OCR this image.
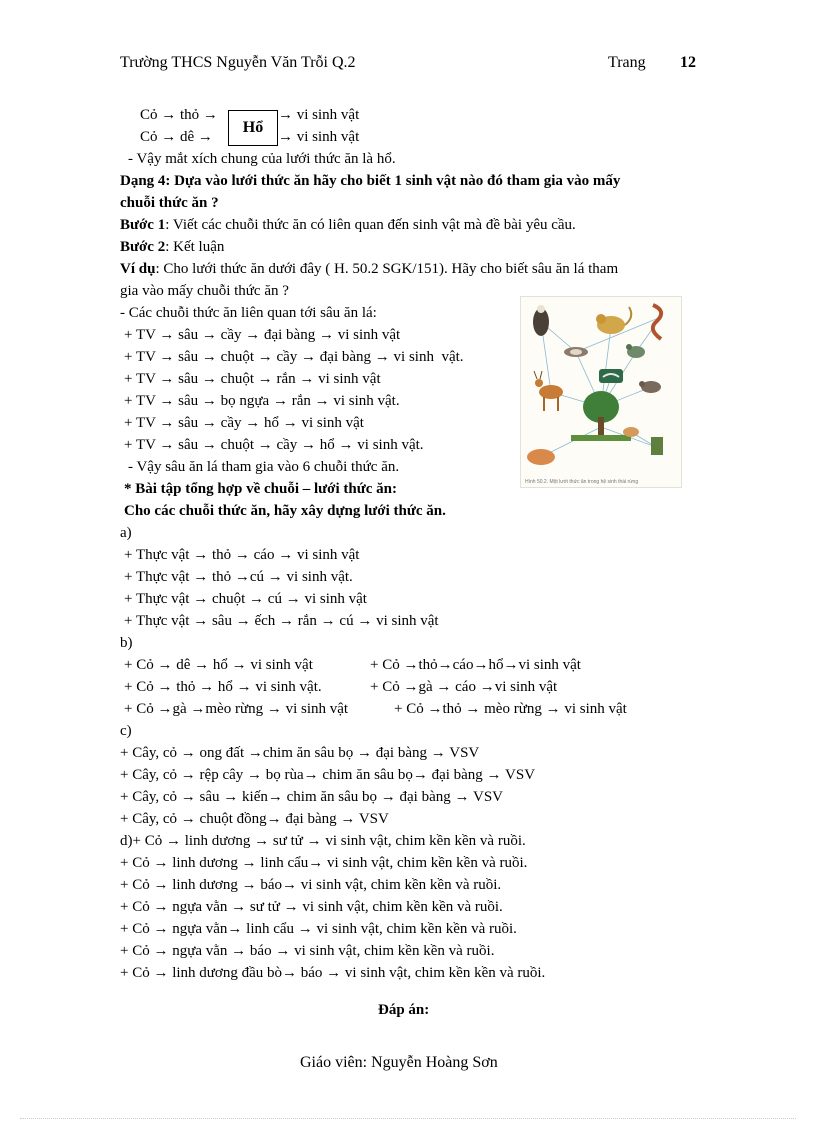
Trường THCS Nguyễn Văn Trỗi Q.2	Trang 12
Cỏ → thỏ →
Cỏ → dê →
Hổ
→ vi sinh vật
→ vi sinh vật
- Vậy mắt xích chung của lưới thức ăn là hổ.
Dạng 4: Dựa vào lưới thức ăn hãy cho biết 1 sinh vật nào đó tham gia vào mấy
chuỗi thức ăn ?
Bước 1: Viết các chuỗi thức ăn có liên quan đến sinh vật mà đề bài yêu cầu.
Bước 2: Kết luận
Ví dụ: Cho lưới thức ăn dưới đây ( H. 50.2 SGK/151). Hãy cho biết sâu ăn lá tham
gia vào mấy chuỗi thức ăn ?
- Các chuỗi thức ăn liên quan tới sâu ăn lá:
+ TV → sâu → cầy → đại bàng → vi sinh vật
+ TV → sâu → chuột → cầy → đại bàng → vi sinh  vật.
+ TV → sâu → chuột → rắn → vi sinh vật
+ TV → sâu → bọ ngựa → rắn → vi sinh vật.
+ TV → sâu → cầy → hổ → vi sinh vật
+ TV → sâu → chuột → cầy → hổ → vi sinh vật.
- Vậy sâu ăn lá tham gia vào 6 chuỗi thức ăn.
* Bài tập tổng hợp về chuỗi – lưới thức ăn:
Cho các chuỗi thức ăn, hãy xây dựng lưới thức ăn.
a)
+ Thực vật → thỏ → cáo → vi sinh vật
+ Thực vật → thỏ →cú → vi sinh vật.
+ Thực vật → chuột → cú → vi sinh vật
+ Thực vật → sâu → ếch → rắn → cú → vi sinh vật
b)
+ Cỏ → dê → hổ → vi sinh vật	+ Cỏ →thỏ→cáo→hổ→vi sinh vật
+ Cỏ → thỏ → hổ → vi sinh vật.	+ Cỏ →gà → cáo →vi sinh vật
+ Cỏ →gà →mèo rừng → vi sinh vật	+ Cỏ →thỏ → mèo rừng → vi sinh vật
c)
+ Cây, cỏ → ong đất →chim ăn sâu bọ → đại bàng → VSV
+ Cây, cỏ → rệp cây → bọ rùa→ chim ăn sâu bọ→ đại bàng → VSV
+ Cây, cỏ → sâu → kiến→ chim ăn sâu bọ → đại bàng → VSV
+ Cây, cỏ → chuột đồng→ đại bàng → VSV
d)+ Cỏ → linh dương → sư tử → vi sinh vật, chim kền kền và ruồi.
+ Cỏ → linh dương → linh cẩu→ vi sinh vật, chim kền kền và ruồi.
+ Cỏ → linh dương → báo→ vi sinh vật, chim kền kền và ruồi.
+ Cỏ → ngựa vằn → sư tử → vi sinh vật, chim kền kền và ruồi.
+ Cỏ → ngựa vằn→ linh cẩu → vi sinh vật, chim kền kền và ruồi.
+ Cỏ → ngựa vằn → báo → vi sinh vật, chim kền kền và ruồi.
+ Cỏ → linh dương đầu bò→ báo → vi sinh vật, chim kền kền và ruồi.
Hình 50.2. Một lưới thức ăn trong hệ sinh thái rừng
Đáp án:
Giáo viên: Nguyễn Hoàng Sơn
